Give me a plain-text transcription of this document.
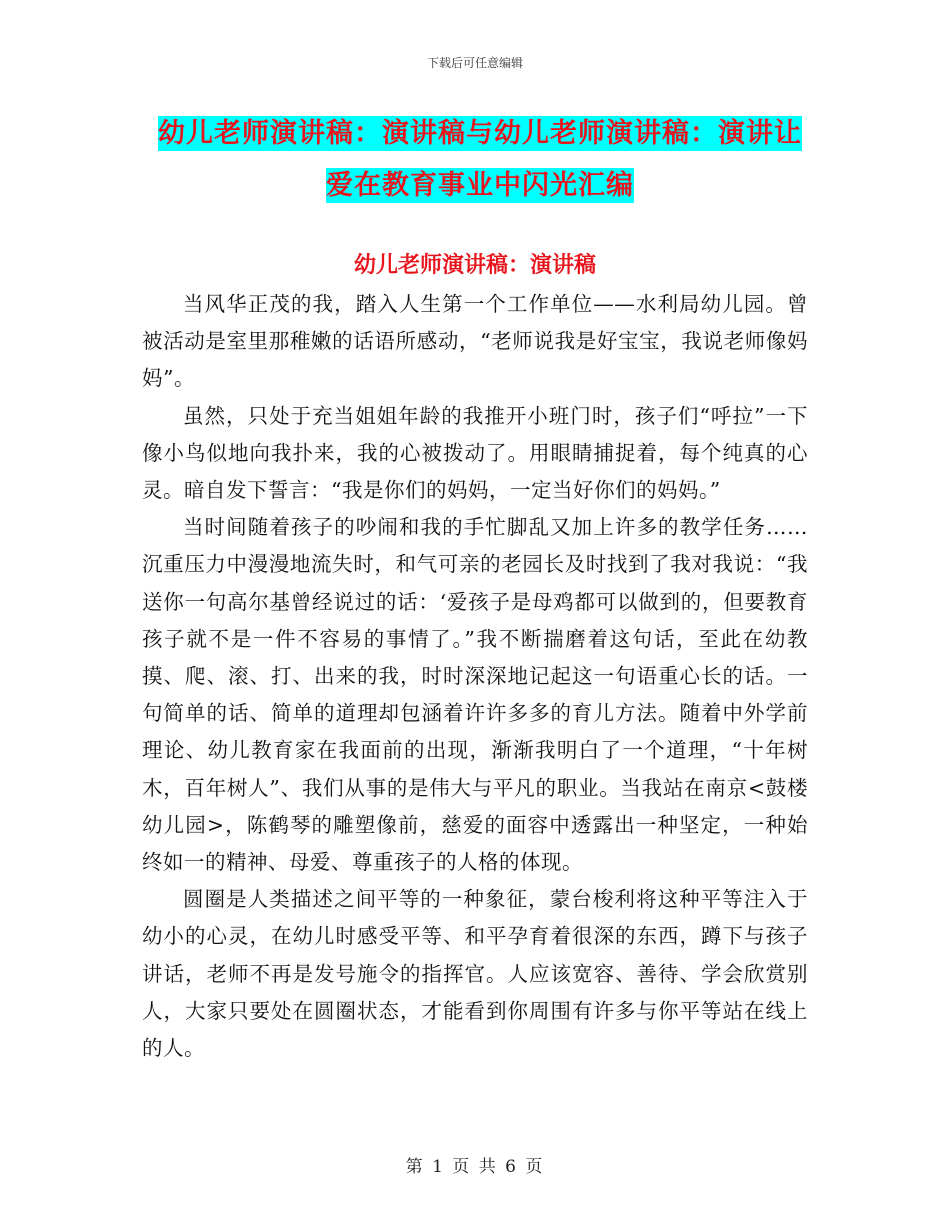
下载后可任意编辑
幼儿老师演讲稿：演讲稿与幼儿老师演讲稿：演讲让
爱在教育事业中闪光汇编
幼儿老师演讲稿：演讲稿

当风华正茂的我，踏入人生第一个工作单位——水利局幼儿园。曾被活动是室里那稚嫩的话语所感动，“老师说我是好宝宝，我说老师像妈妈”。

虽然，只处于充当姐姐年龄的我推开小班门时，孩子们“呼拉”一下像小鸟似地向我扑来，我的心被拨动了。用眼睛捕捉着，每个纯真的心灵。暗自发下誓言：“我是你们的妈妈，一定当好你们的妈妈。”

当时间随着孩子的吵闹和我的手忙脚乱又加上许多的教学任务……沉重压力中漫漫地流失时，和气可亲的老园长及时找到了我对我说：“我送你一句高尔基曾经说过的话：‘爱孩子是母鸡都可以做到的，但要教育孩子就不是一件不容易的事情了。”我不断揣磨着这句话，至此在幼教摸、爬、滚、打、出来的我，时时深深地记起这一句语重心长的话。一句简单的话、简单的道理却包涵着许许多多的育儿方法。随着中外学前理论、幼儿教育家在我面前的出现，渐渐我明白了一个道理，“十年树木，百年树人”、我们从事的是伟大与平凡的职业。当我站在南京<鼓楼幼儿园>，陈鹤琴的雕塑像前，慈爱的面容中透露出一种坚定，一种始终如一的精神、母爱、尊重孩子的人格的体现。

圆圈是人类描述之间平等的一种象征，蒙台梭利将这种平等注入于幼小的心灵，在幼儿时感受平等、和平孕育着很深的东西，蹲下与孩子讲话，老师不再是发号施令的指挥官。人应该宽容、善待、学会欣赏别人，大家只要处在圆圈状态，才能看到你周围有许多与你平等站在线上的人。

第 1 页 共 6 页
